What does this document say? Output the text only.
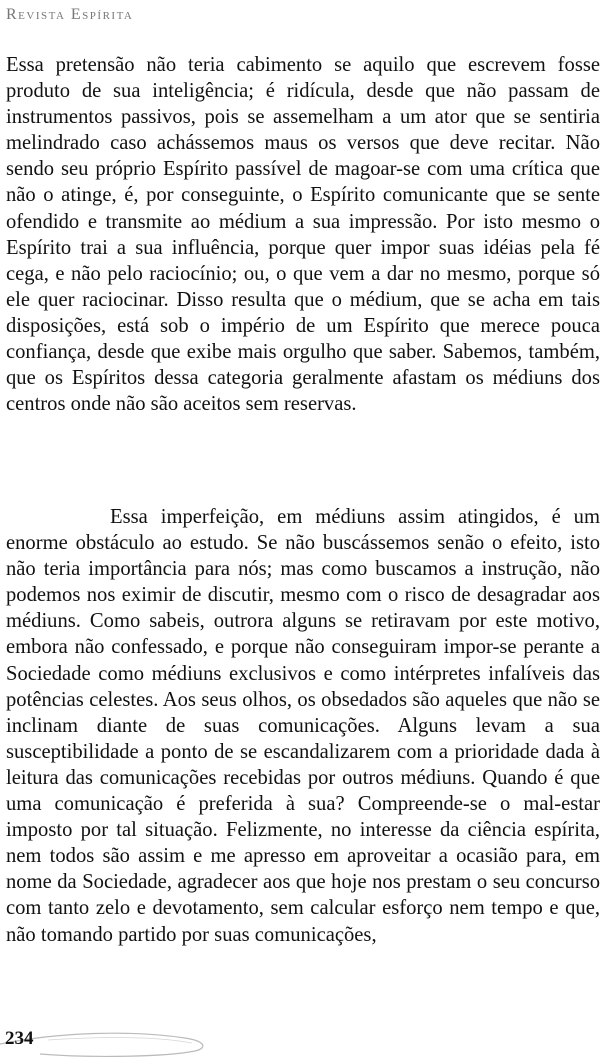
Revista Espírita
Essa pretensão não teria cabimento se aquilo que escrevem fosse produto de sua inteligência; é ridícula, desde que não passam de instrumentos passivos, pois se assemelham a um ator que se sentiria melindrado caso achássemos maus os versos que deve recitar. Não sendo seu próprio Espírito passível de magoar-se com uma crítica que não o atinge, é, por conseguinte, o Espírito comunicante que se sente ofendido e transmite ao médium a sua impressão. Por isto mesmo o Espírito trai a sua influência, porque quer impor suas idéias pela fé cega, e não pelo raciocínio; ou, o que vem a dar no mesmo, porque só ele quer raciocinar. Disso resulta que o médium, que se acha em tais disposições, está sob o império de um Espírito que merece pouca confiança, desde que exibe mais orgulho que saber. Sabemos, também, que os Espíritos dessa categoria geralmente afastam os médiuns dos centros onde não são aceitos sem reservas.
Essa imperfeição, em médiuns assim atingidos, é um enorme obstáculo ao estudo. Se não buscássemos senão o efeito, isto não teria importância para nós; mas como buscamos a instrução, não podemos nos eximir de discutir, mesmo com o risco de desagradar aos médiuns. Como sabeis, outrora alguns se retiravam por este motivo, embora não confessado, e porque não conseguiram impor-se perante a Sociedade como médiuns exclusivos e como intérpretes infalíveis das potências celestes. Aos seus olhos, os obsedados são aqueles que não se inclinam diante de suas comunicações. Alguns levam a sua susceptibilidade a ponto de se escandalizarem com a prioridade dada à leitura das comunicações recebidas por outros médiuns. Quando é que uma comunicação é preferida à sua? Compreende-se o mal-estar imposto por tal situação. Felizmente, no interesse da ciência espírita, nem todos são assim e me apresso em aproveitar a ocasião para, em nome da Sociedade, agradecer aos que hoje nos prestam o seu concurso com tanto zelo e devotamento, sem calcular esforço nem tempo e que, não tomando partido por suas comunicações,
234
